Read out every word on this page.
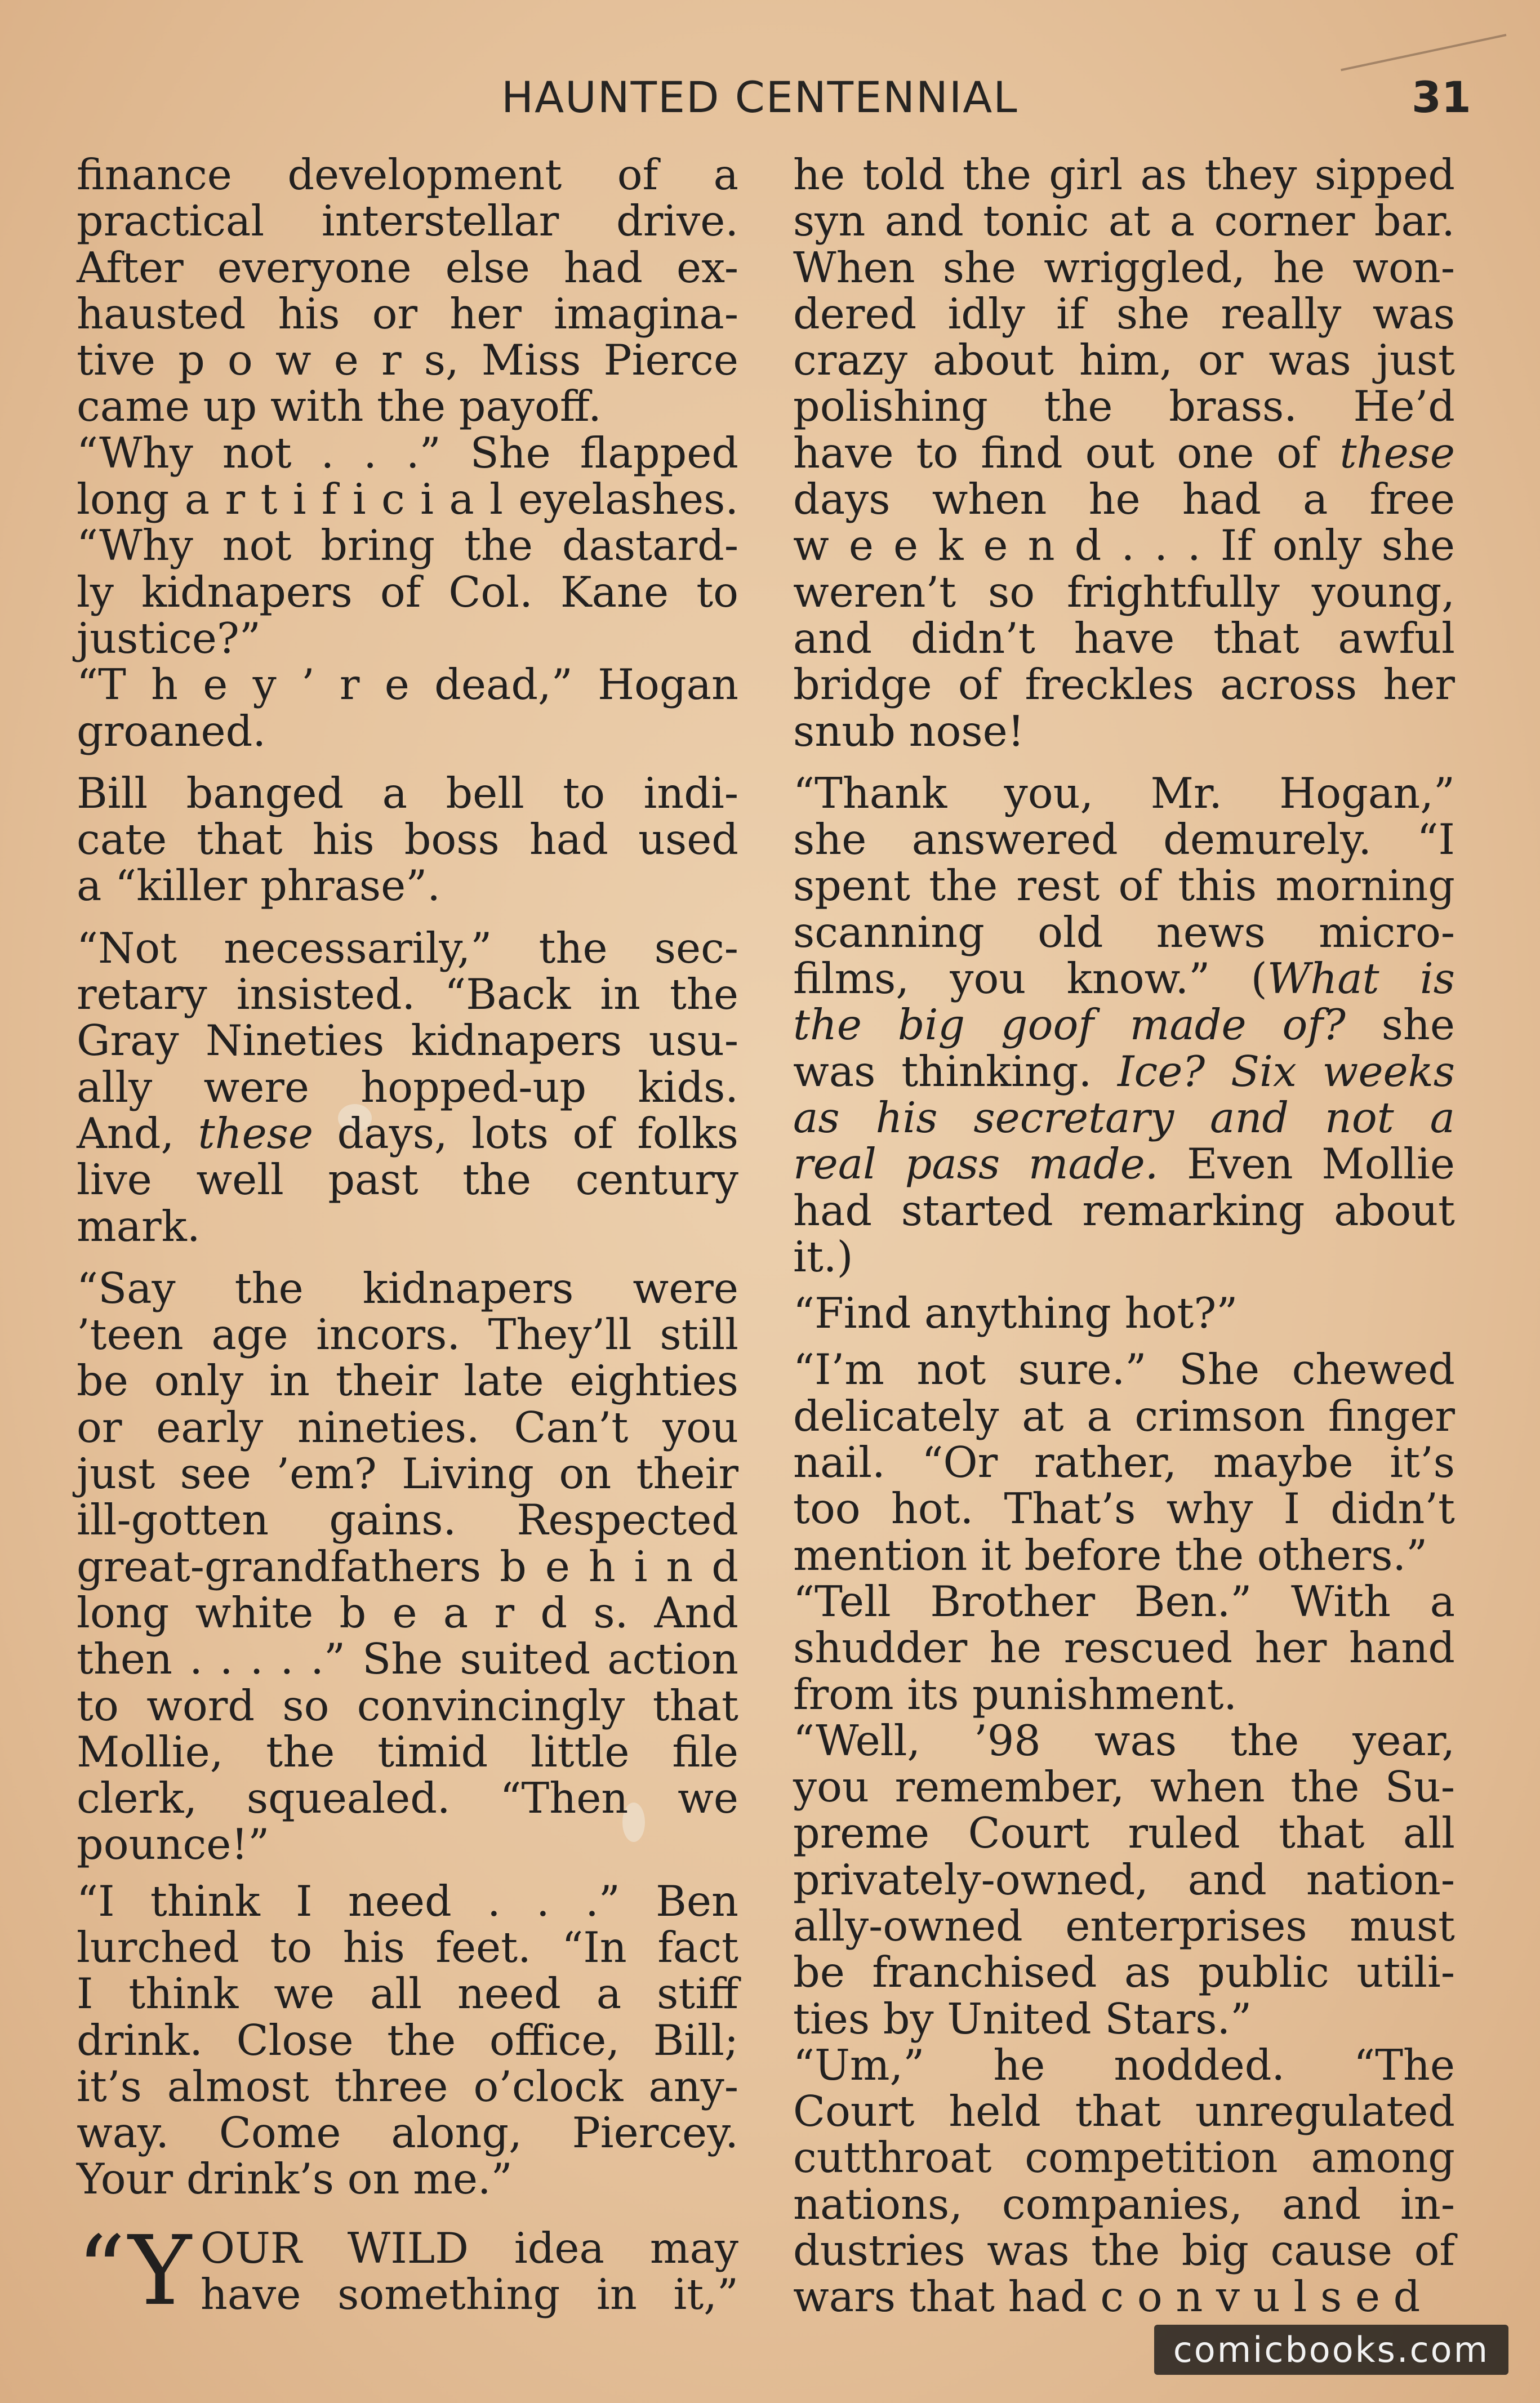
HAUNTED CENTENNIAL	31

finance development of a
practical interstellar drive.
After everyone else had ex-
hausted his or her imagina-
tive p o w e r s, Miss Pierce
came up with the payoff.

“Why not . . .” She flapped
long a r t i f i c i a l eyelashes.
“Why not bring the dastard-
ly kidnapers of Col. Kane to
justice?”

“T h e y ’ r e dead,” Hogan
groaned.

Bill banged a bell to indi-
cate that his boss had used
a “killer phrase”.

“Not necessarily,” the sec-
retary insisted. “Back in the
Gray Nineties kidnapers usu-
ally were hopped-up kids.
And, these days, lots of folks
live well past the century
mark.

“Say the kidnapers were
’teen age incors. They’ll still
be only in their late eighties
or early nineties. Can’t you
just see ’em? Living on their
ill-gotten gains. Respected
great-grandfathers b e h i n d
long white b e a r d s. And
then . . . . .” She suited action
to word so convincingly that
Mollie, the timid little file
clerk, squealed. “Then we
pounce!”

“I think I need . . .” Ben
lurched to his feet. “In fact
I think we all need a stiff
drink. Close the office, Bill;
it’s almost three o’clock any-
way. Come along, Piercey.
Your drink’s on me.”

“Y OUR WILD idea may
have something in it,”

he told the girl as they sipped
syn and tonic at a corner bar.
When she wriggled, he won-
dered idly if she really was
crazy about him, or was just
polishing the brass. He’d
have to find out one of these
days when he had a free
w e e k e n d . . . If only she
weren’t so frightfully young,
and didn’t have that awful
bridge of freckles across her
snub nose!

“Thank you, Mr. Hogan,”
she answered demurely. “I
spent the rest of this morning
scanning old news micro-
films, you know.” (What is
the big goof made of? she
was thinking. Ice? Six weeks
as his secretary and not a
real pass made. Even Mollie
had started remarking about
it.)

“Find anything hot?”

“I’m not sure.” She chewed
delicately at a crimson finger
nail. “Or rather, maybe it’s
too hot. That’s why I didn’t
mention it before the others.”

“Tell Brother Ben.” With a
shudder he rescued her hand
from its punishment.

“Well, ’98 was the year,
you remember, when the Su-
preme Court ruled that all
privately-owned, and nation-
ally-owned enterprises must
be franchised as public utili-
ties by United Stars.”

“Um,” he nodded. “The
Court held that unregulated
cutthroat competition among
nations, companies, and in-
dustries was the big cause of
wars that had c o n v u l s e d

comicbooks.com
